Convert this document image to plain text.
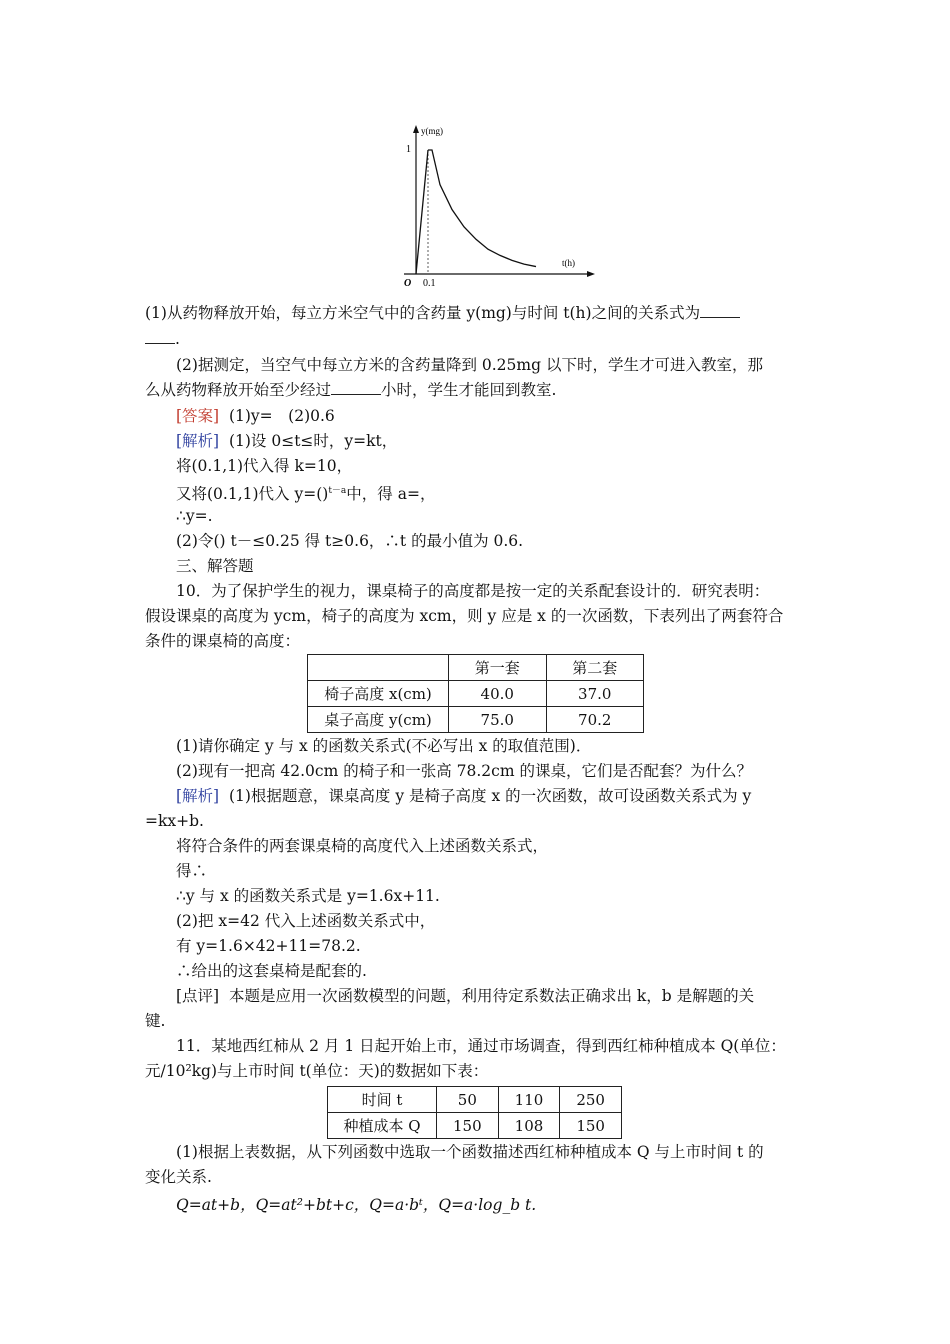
y(mg)
t(h)
O
1
0.1
(1)从药物释放开始，每立方米空气中的含药量 y(mg)与时间 t(h)之间的关系式为
.
(2)据测定，当空气中每立方米的含药量降到 0.25mg 以下时，学生才可进入教室，那
么从药物释放开始至少经过	小时，学生才能回到教室.
[答案] (1)y=　(2)0.6
[解析] (1)设 0≤t≤时，y=kt，
将(0.1,1)代入得 k=10，
又将(0.1,1)代入 y=()$^{t-a}$中，得 a=，
∴y=.
(2)令() t－≤0.25 得 t≥0.6，∴t 的最小值为 0.6.
三、解答题
10．为了保护学生的视力，课桌椅子的高度都是按一定的关系配套设计的．研究表明：
假设课桌的高度为 ycm，椅子的高度为 xcm，则 y 应是 x 的一次函数，下表列出了两套符合
条件的课桌椅的高度：
	第一套	第二套
椅子高度 x(cm)	40.0	37.0
桌子高度 y(cm)	75.0	70.2
(1)请你确定 y 与 x 的函数关系式(不必写出 x 的取值范围)．
(2)现有一把高 42.0cm 的椅子和一张高 78.2cm 的课桌，它们是否配套？为什么？
[解析] (1)根据题意，课桌高度 y 是椅子高度 x 的一次函数，故可设函数关系式为 y
=kx+b.
将符合条件的两套课桌椅的高度代入上述函数关系式，
得∴
∴y 与 x 的函数关系式是 y=1.6x+11.
(2)把 x=42 代入上述函数关系式中，
有 y=1.6×42+11=78.2.
∴给出的这套桌椅是配套的.
[点评] 本题是应用一次函数模型的问题，利用待定系数法正确求出 k，b 是解题的关
键.
11．某地西红柿从 2 月 1 日起开始上市，通过市场调查，得到西红柿种植成本 Q(单位：
元/10²kg)与上市时间 t(单位：天)的数据如下表：
时间 t	50	110	250
种植成本 Q	150	108	150
(1)根据上表数据，从下列函数中选取一个函数描述西红柿种植成本 Q 与上市时间 t 的
变化关系.
Q=at+b，Q=at²+bt+c，Q=a·bᵗ，Q=a·log_b t.
